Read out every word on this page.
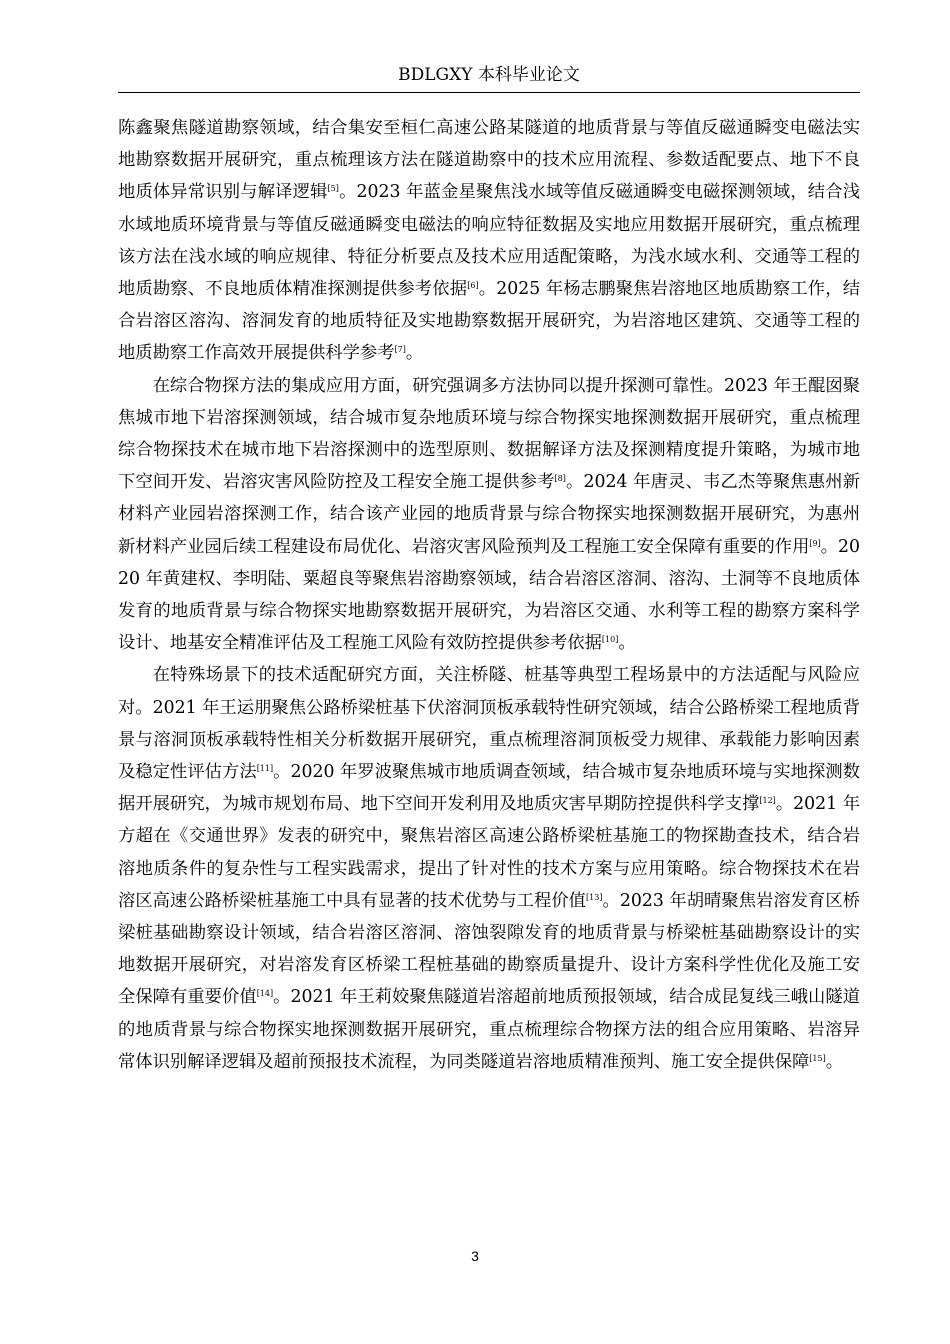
BDLGXY 本科毕业论文

陈鑫聚焦隧道勘察领域，结合集安至桓仁高速公路某隧道的地质背景与等值反磁通瞬变电磁法实地勘察数据开展研究，重点梳理该方法在隧道勘察中的技术应用流程、参数适配要点、地下不良地质体异常识别与解译逻辑[5]。2023 年蓝金星聚焦浅水域等值反磁通瞬变电磁探测领域，结合浅水域地质环境背景与等值反磁通瞬变电磁法的响应特征数据及实地应用数据开展研究，重点梳理该方法在浅水域的响应规律、特征分析要点及技术应用适配策略，为浅水域水利、交通等工程的地质勘察、不良地质体精准探测提供参考依据[6]。2025 年杨志鹏聚焦岩溶地区地质勘察工作，结合岩溶区溶沟、溶洞发育的地质特征及实地勘察数据开展研究，为岩溶地区建筑、交通等工程的地质勘察工作高效开展提供科学参考[7]。

在综合物探方法的集成应用方面，研究强调多方法协同以提升探测可靠性。2023 年王醌囡聚焦城市地下岩溶探测领域，结合城市复杂地质环境与综合物探实地探测数据开展研究，重点梳理综合物探技术在城市地下岩溶探测中的选型原则、数据解译方法及探测精度提升策略，为城市地下空间开发、岩溶灾害风险防控及工程安全施工提供参考[8]。2024 年唐灵、韦乙杰等聚焦惠州新材料产业园岩溶探测工作，结合该产业园的地质背景与综合物探实地探测数据开展研究，为惠州新材料产业园后续工程建设布局优化、岩溶灾害风险预判及工程施工安全保障有重要的作用[9]。2020 年黄建权、李明陆、粟超良等聚焦岩溶勘察领域，结合岩溶区溶洞、溶沟、土洞等不良地质体发育的地质背景与综合物探实地勘察数据开展研究，为岩溶区交通、水利等工程的勘察方案科学设计、地基安全精准评估及工程施工风险有效防控提供参考依据[10]。

在特殊场景下的技术适配研究方面，关注桥隧、桩基等典型工程场景中的方法适配与风险应对。2021 年王运朋聚焦公路桥梁桩基下伏溶洞顶板承载特性研究领域，结合公路桥梁工程地质背景与溶洞顶板承载特性相关分析数据开展研究，重点梳理溶洞顶板受力规律、承载能力影响因素及稳定性评估方法[11]。2020 年罗波聚焦城市地质调查领域，结合城市复杂地质环境与实地探测数据开展研究，为城市规划布局、地下空间开发利用及地质灾害早期防控提供科学支撑[12]。2021 年方超在《交通世界》发表的研究中，聚焦岩溶区高速公路桥梁桩基施工的物探勘查技术，结合岩溶地质条件的复杂性与工程实践需求，提出了针对性的技术方案与应用策略。综合物探技术在岩溶区高速公路桥梁桩基施工中具有显著的技术优势与工程价值[13]。2023 年胡晴聚焦岩溶发育区桥梁桩基础勘察设计领域，结合岩溶区溶洞、溶蚀裂隙发育的地质背景与桥梁桩基础勘察设计的实地数据开展研究，对岩溶发育区桥梁工程桩基础的勘察质量提升、设计方案科学性优化及施工安全保障有重要价值[14]。2021 年王莉姣聚焦隧道岩溶超前地质预报领域，结合成昆复线三峨山隧道的地质背景与综合物探实地探测数据开展研究，重点梳理综合物探方法的组合应用策略、岩溶异常体识别解译逻辑及超前预报技术流程，为同类隧道岩溶地质精准预判、施工安全提供保障[15]。

3
